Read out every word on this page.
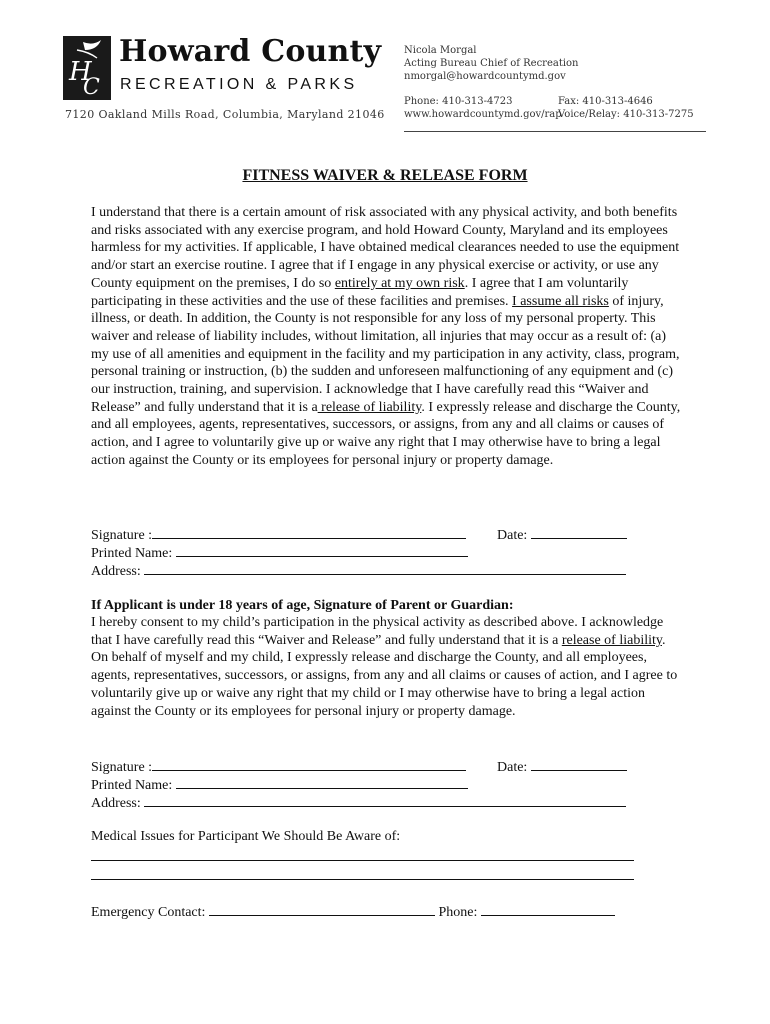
H
C
Howard County
RECREATION & PARKS
7120 Oakland Mills Road, Columbia, Maryland 21046
Nicola Morgal
Acting Bureau Chief of Recreation
nmorgal@howardcountymd.gov
Phone: 410-313-4723	Fax: 410-313-4646
www.howardcountymd.gov/rap
Voice/Relay: 410-313-7275
FITNESS WAIVER & RELEASE FORM
I understand that there is a certain amount of risk associated with any physical activity, and both benefits and risks associated with any exercise program, and hold Howard County, Maryland and its employees harmless for my activities. If applicable, I have obtained medical clearances needed to use the equipment and/or start an exercise routine. I agree that if I engage in any physical exercise or activity, or use any County equipment on the premises, I do so entirely at my own risk. I agree that I am voluntarily participating in these activities and the use of these facilities and premises. I assume all risks of injury, illness, or death. In addition, the County is not responsible for any loss of my personal property. This waiver and release of liability includes, without limitation, all injuries that may occur as a result of: (a) my use of all amenities and equipment in the facility and my participation in any activity, class, program, personal training or instruction, (b) the sudden and unforeseen malfunctioning of any equipment and (c) our instruction, training, and supervision. I acknowledge that I have carefully read this “Waiver and Release” and fully understand that it is a release of liability. I expressly release and discharge the County, and all employees, agents, representatives, successors, or assigns, from any and all claims or causes of action, and I agree to voluntarily give up or waive any right that I may otherwise have to bring a legal action against the County or its employees for personal injury or property damage.
Signature :	Date:
Printed Name:
Address:
If Applicant is under 18 years of age, Signature of Parent or Guardian:
I hereby consent to my child’s participation in the physical activity as described above. I acknowledge that I have carefully read this “Waiver and Release” and fully understand that it is a release of liability. On behalf of myself and my child, I expressly release and discharge the County, and all employees, agents, representatives, successors, or assigns, from any and all claims or causes of action, and I agree to voluntarily give up or waive any right that my child or I may otherwise have to bring a legal action against the County or its employees for personal injury or property damage.
Signature :	Date:
Printed Name:
Address:
Medical Issues for Participant We Should Be Aware of:
Emergency Contact:	Phone:
